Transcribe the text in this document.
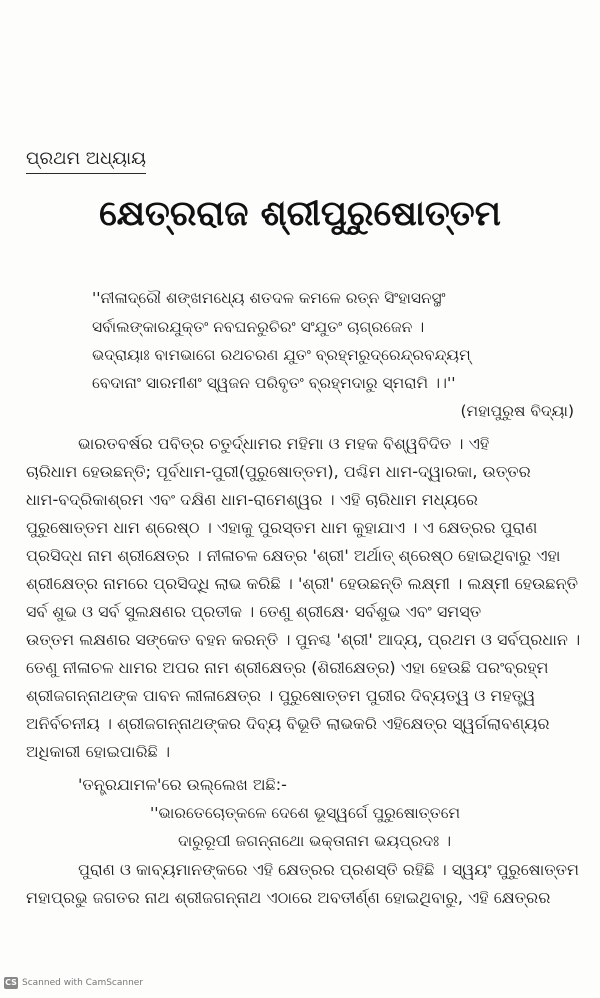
ପ୍ରଥମ ଅଧ୍ୟାୟ
କ୍ଷେତ୍ରରାଜ ଶ୍ରୀପୁରୁଷୋତ୍ତମ
''ନୀଳାଦ୍ରୌ ଶଙ୍ଖମଧ୍ୟେ ଶତଦଳ କମଳେ ରତ୍ନ ସିଂହାସନସ୍ଥଂ
ସର୍ବାଲଙ୍କାରଯୁକ୍ତଂ ନବଘନରୁଚିରଂ ସଂଯୁତଂ ଚାଗ୍ରଜେନ ।
ଭଦ୍ରାୟାଃ ବାମଭାଗେ ରଥଚରଣ ଯୁତଂ ବ୍ରହ୍ମରୁଦ୍ରେନ୍ଦ୍ରବନ୍ଦ୍ୟମ୍
ବେଦାନାଂ ସାରମୀଶଂ ସ୍ୱଜନ ପରିବୃତଂ ବ୍ରହ୍ମଦାରୁ ସ୍ମରାମି ।।''
(ମହାପୁରୁଷ ବିଦ୍ୟା)
ଭାରତବର୍ଷର ପବିତ୍ର ଚତୁର୍ଦ୍ଧାମର ମହିମା ଓ ମହକ ବିଶ୍ୱବିଦିତ । ଏହି
ଚାରିଧାମ ହେଉଛନ୍ତି; ପୂର୍ବଧାମ-ପୁରୀ(ପୁରୁଷୋତ୍ତମ), ପଶ୍ଚିମ ଧାମ-ଦ୍ୱାରକା, ଉତ୍ତର
ଧାମ-ବଦ୍ରିକାଶ୍ରମ ଏବଂ ଦକ୍ଷିଣ ଧାମ-ରାମେଶ୍ୱର । ଏହି ଚାରିଧାମ ମଧ୍ୟରେ
ପୁରୁଷୋତ୍ତମ ଧାମ ଶ୍ରେଷ୍ଠ । ଏହାକୁ ପୁରସ୍ତମ ଧାମ କୁହାଯାଏ । ଏ କ୍ଷେତ୍ରର ପୁରାଣ
ପ୍ରସିଦ୍ଧ ନାମ ଶ୍ରୀକ୍ଷେତ୍ର । ନୀଳାଚଳ କ୍ଷେତ୍ର 'ଶ୍ରୀ' ଅର୍ଥାତ୍ ଶ୍ରେଷ୍ଠ ହୋଇଥିବାରୁ ଏହା
ଶ୍ରୀକ୍ଷେତ୍ର ନାମରେ ପ୍ରସିଦ୍ଧି ଲାଭ କରିଛି । 'ଶ୍ରୀ' ହେଉଛନ୍ତି ଲକ୍ଷ୍ମୀ । ଲକ୍ଷ୍ମୀ ହେଉଛନ୍ତି
ସର୍ବ ଶୁଭ ଓ ସର୍ବ ସୁଲକ୍ଷଣର ପ୍ରତୀକ । ତେଣୁ ଶ୍ରୀକ୍ଷେ· ସର୍ବଶୁଭ ଏବଂ ସମସ୍ତ
ଉତ୍ତମ ଲକ୍ଷଣର ସଙ୍କେତ ବହନ କରନ୍ତି । ପୁନଶ୍ଚ 'ଶ୍ରୀ' ଆଦ୍ୟ, ପ୍ରଥମ ଓ ସର୍ବପ୍ରଧାନ ।
ତେଣୁ ନୀଳାଚଳ ଧାମର ଅପର ନାମ ଶ୍ରୀକ୍ଷେତ୍ର (ଶିରୀକ୍ଷେତ୍ର) ଏହା ହେଉଛି ପରଂବ୍ରହ୍ମ
ଶ୍ରୀଜଗନ୍ନାଥଙ୍କ ପାବନ ଲୀଳାକ୍ଷେତ୍ର । ପୁରୁଷୋତ୍ତମ ପୁରୀର ଦିବ୍ୟତ୍ୱ ଓ ମହତ୍ତ୍ୱ
ଅନିର୍ବଚନୀୟ । ଶ୍ରୀଜଗନ୍ନାଥଙ୍କର ଦିବ୍ୟ ବିଭୂତି ଲାଭକରି ଏହିକ୍ଷେତ୍ର ସ୍ୱର୍ଗଲାବଣ୍ୟର
ଅଧିକାରୀ ହୋଇପାରିଛି ।
'ତନ୍ତ୍ରଯାମଳ'ରେ ଉଲ୍ଲେଖ ଅଛି:-
''ଭାରତେଚୋତ୍କଳେ ଦେଶେ ଭୂସ୍ୱର୍ଗେ ପୁରୁଷୋତ୍ତମେ
ଦାରୁରୂପୀ ଜଗନ୍ନାଥୋ ଭକ୍ତାନାମ ଭୟପ୍ରଦଃ ।
ପୁରାଣ ଓ କାବ୍ୟମାନଙ୍କରେ ଏହି କ୍ଷେତ୍ରର ପ୍ରଶସ୍ତି ରହିଛି । ସ୍ୱୟଂ ପୁରୁଷୋତ୍ତମ
ମହାପ୍ରଭୁ ଜଗତର ନାଥ ଶ୍ରୀଜଗନ୍ନାଥ ଏଠାରେ ଅବତୀର୍ଣ୍ଣ ହୋଇଥିବାରୁ, ଏହି କ୍ଷେତ୍ରର
CS Scanned with CamScanner
